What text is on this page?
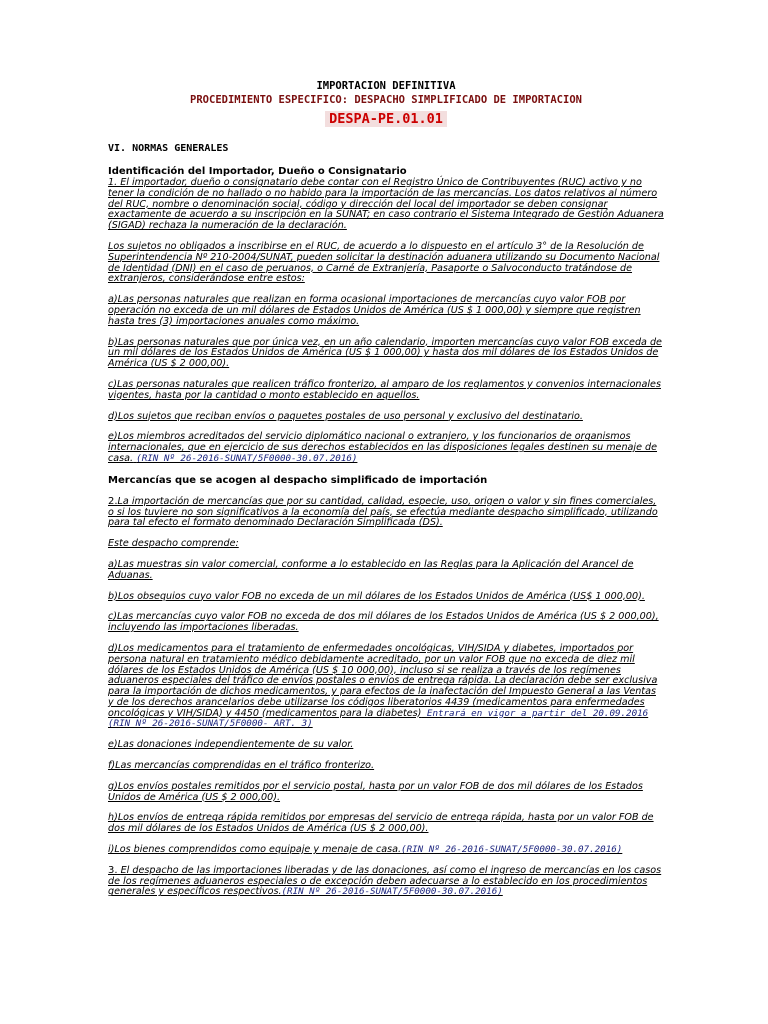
IMPORTACION DEFINITIVA
PROCEDIMIENTO ESPECIFICO: DESPACHO SIMPLIFICADO DE IMPORTACION
DESPA-PE.01.01
VI. NORMAS GENERALES
Identificación del Importador, Dueño o Consignatario

1. El importador, dueño o consignatario debe contar con el Registro Único de Contribuyentes (RUC) activo y no tener la condición de no hallado o no habido para la importación de las mercancías. Los datos relativos al número del RUC, nombre o denominación social, código y dirección del local del importador se deben consignar exactamente de acuerdo a su inscripción en la SUNAT; en caso contrario el Sistema Integrado de Gestión Aduanera (SIGAD) rechaza la numeración de la declaración.

Los sujetos no obligados a inscribirse en el RUC, de acuerdo a lo dispuesto en el artículo 3° de la Resolución de Superintendencia Nº 210-2004/SUNAT, pueden solicitar la destinación aduanera utilizando su Documento Nacional de Identidad (DNI) en el caso de peruanos, o Carné de Extranjería, Pasaporte o Salvoconducto tratándose de extranjeros, considerándose entre estos:

a)Las personas naturales que realizan en forma ocasional importaciones de mercancías cuyo valor FOB por operación no exceda de un mil dólares de Estados Unidos de América (US $ 1 000,00) y siempre que registren hasta tres (3) importaciones anuales como máximo.

b)Las personas naturales que por única vez, en un año calendario, importen mercancías cuyo valor FOB exceda de un mil dólares de los Estados Unidos de América (US $ 1 000,00) y hasta dos mil dólares de los Estados Unidos de América (US $ 2 000,00).

c)Las personas naturales que realicen tráfico fronterizo, al amparo de los reglamentos y convenios internacionales vigentes, hasta por la cantidad o monto establecido en aquellos.

d)Los sujetos que reciban envíos o paquetes postales de uso personal y exclusivo del destinatario.

e)Los miembros acreditados del servicio diplomático nacional o extranjero, y los funcionarios de organismos internacionales, que en ejercicio de sus derechos establecidos en las disposiciones legales destinen su menaje de casa. (RIN Nº 26-2016-SUNAT/5F0000-30.07.2016)

Mercancías que se acogen al despacho simplificado de importación

2.La importación de mercancías que por su cantidad, calidad, especie, uso, origen o valor y sin fines comerciales, o si los tuviere no son significativos a la economía del país, se efectúa mediante despacho simplificado, utilizando para tal efecto el formato denominado Declaración Simplificada (DS).

Este despacho comprende:

a)Las muestras sin valor comercial, conforme a lo establecido en las Reglas para la Aplicación del Arancel de Aduanas.

b)Los obsequios cuyo valor FOB no exceda de un mil dólares de los Estados Unidos de América (US$ 1 000,00).

c)Las mercancías cuyo valor FOB no exceda de dos mil dólares de los Estados Unidos de América (US $ 2 000,00), incluyendo las importaciones liberadas.

d)Los medicamentos para el tratamiento de enfermedades oncológicas, VIH/SIDA y diabetes, importados por persona natural en tratamiento médico debidamente acreditado, por un valor FOB que no exceda de diez mil dólares de los Estados Unidos de América (US $ 10 000,00), incluso si se realiza a través de los regímenes aduaneros especiales del tráfico de envíos postales o envíos de entrega rápida. La declaración debe ser exclusiva para la importación de dichos medicamentos, y para efectos de la inafectación del Impuesto General a las Ventas y de los derechos arancelarios debe utilizarse los códigos liberatorios 4439 (medicamentos para enfermedades oncológicas y VIH/SIDA) y 4450 (medicamentos para la diabetes) Entrará en vigor a partir del 20.09.2016 (RIN Nº 26-2016-SUNAT/5F0000- ART. 3)

e)Las donaciones independientemente de su valor.

f)Las mercancías comprendidas en el tráfico fronterizo.

g)Los envíos postales remitidos por el servicio postal, hasta por un valor FOB de dos mil dólares de los Estados Unidos de América (US $ 2 000,00).

h)Los envíos de entrega rápida remitidos por empresas del servicio de entrega rápida, hasta por un valor FOB de dos mil dólares de los Estados Unidos de América (US $ 2 000,00).

i)Los bienes comprendidos como equipaje y menaje de casa.(RIN Nº 26-2016-SUNAT/5F0000-30.07.2016)

3. El despacho de las importaciones liberadas y de las donaciones, así como el ingreso de mercancías en los casos de los regímenes aduaneros especiales o de excepción deben adecuarse a lo establecido en los procedimientos generales y específicos respectivos.(RIN Nº 26-2016-SUNAT/5F0000-30.07.2016)
